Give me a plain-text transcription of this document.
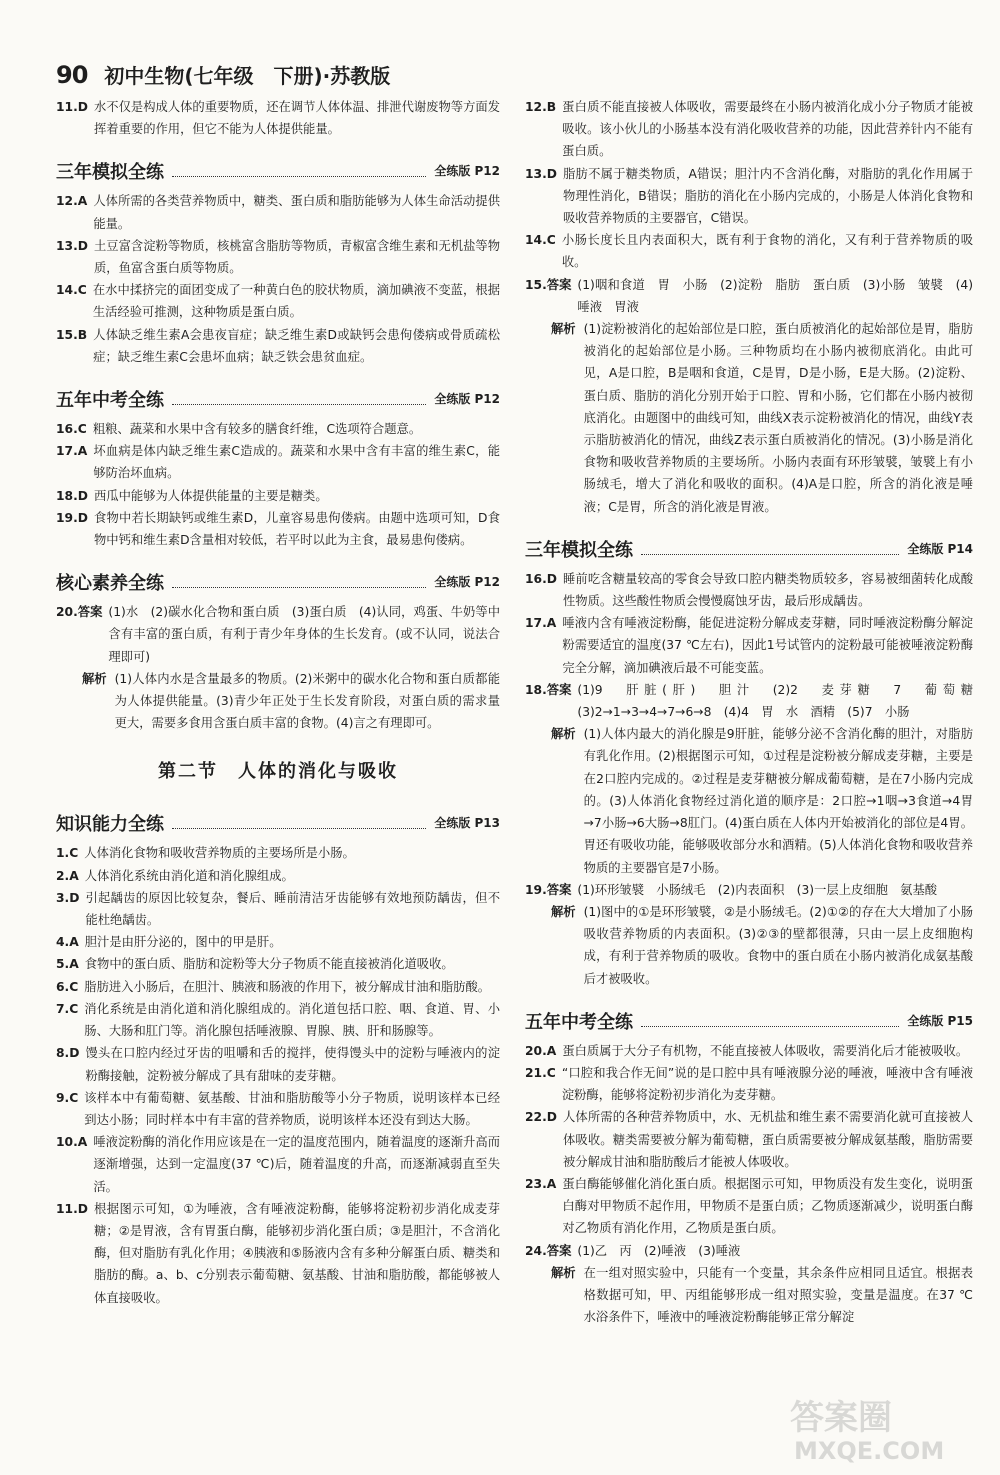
90 初中生物(七年级　下册)·苏教版
11.D 水不仅是构成人体的重要物质，还在调节人体体温、排泄代谢废物等方面发挥着重要的作用，但它不能为人体提供能量。
三年模拟全练	全练版 P12
12.A 人体所需的各类营养物质中，糖类、蛋白质和脂肪能够为人体生命活动提供能量。
13.D 土豆富含淀粉等物质，核桃富含脂肪等物质，青椒富含维生素和无机盐等物质，鱼富含蛋白质等物质。
14.C 在水中揉挤完的面团变成了一种黄白色的胶状物质，滴加碘液不变蓝，根据生活经验可推测，这种物质是蛋白质。
15.B 人体缺乏维生素A会患夜盲症；缺乏维生素D或缺钙会患佝偻病或骨质疏松症；缺乏维生素C会患坏血病；缺乏铁会患贫血症。
五年中考全练	全练版 P12
16.C 粗粮、蔬菜和水果中含有较多的膳食纤维，C选项符合题意。
17.A 坏血病是体内缺乏维生素C造成的。蔬菜和水果中含有丰富的维生素C，能够防治坏血病。
18.D 西瓜中能够为人体提供能量的主要是糖类。
19.D 食物中若长期缺钙或维生素D，儿童容易患佝偻病。由题中选项可知，D食物中钙和维生素D含量相对较低，若平时以此为主食，最易患佝偻病。
核心素养全练	全练版 P12
20.答案 (1)水　(2)碳水化合物和蛋白质　(3)蛋白质　(4)认同，鸡蛋、牛奶等中含有丰富的蛋白质，有利于青少年身体的生长发育。(或不认同，说法合理即可)
解析 (1)人体内水是含量最多的物质。(2)米粥中的碳水化合物和蛋白质都能为人体提供能量。(3)青少年正处于生长发育阶段，对蛋白质的需求量更大，需要多食用含蛋白质丰富的食物。(4)言之有理即可。
第二节　人体的消化与吸收
知识能力全练	全练版 P13
1.C 人体消化食物和吸收营养物质的主要场所是小肠。
2.A 人体消化系统由消化道和消化腺组成。
3.D 引起龋齿的原因比较复杂，餐后、睡前清洁牙齿能够有效地预防龋齿，但不能杜绝龋齿。
4.A 胆汁是由肝分泌的，图中的甲是肝。
5.A 食物中的蛋白质、脂肪和淀粉等大分子物质不能直接被消化道吸收。
6.C 脂肪进入小肠后，在胆汁、胰液和肠液的作用下，被分解成甘油和脂肪酸。
7.C 消化系统是由消化道和消化腺组成的。消化道包括口腔、咽、食道、胃、小肠、大肠和肛门等。消化腺包括唾液腺、胃腺、胰、肝和肠腺等。
8.D 馒头在口腔内经过牙齿的咀嚼和舌的搅拌，使得馒头中的淀粉与唾液内的淀粉酶接触，淀粉被分解成了具有甜味的麦芽糖。
9.C 该样本中有葡萄糖、氨基酸、甘油和脂肪酸等小分子物质，说明该样本已经到达小肠；同时样本中有丰富的营养物质，说明该样本还没有到达大肠。
10.A 唾液淀粉酶的消化作用应该是在一定的温度范围内，随着温度的逐渐升高而逐渐增强，达到一定温度(37 ℃)后，随着温度的升高，而逐渐减弱直至失活。
11.D 根据图示可知，①为唾液，含有唾液淀粉酶，能够将淀粉初步消化成麦芽糖；②是胃液，含有胃蛋白酶，能够初步消化蛋白质；③是胆汁，不含消化酶，但对脂肪有乳化作用；④胰液和⑤肠液内含有多种分解蛋白质、糖类和脂肪的酶。a、b、c分别表示葡萄糖、氨基酸、甘油和脂肪酸，都能够被人体直接吸收。
12.B 蛋白质不能直接被人体吸收，需要最终在小肠内被消化成小分子物质才能被吸收。该小伙儿的小肠基本没有消化吸收营养的功能，因此营养针内不能有蛋白质。
13.D 脂肪不属于糖类物质，A错误；胆汁内不含消化酶，对脂肪的乳化作用属于物理性消化，B错误；脂肪的消化在小肠内完成的，小肠是人体消化食物和吸收营养物质的主要器官，C错误。
14.C 小肠长度长且内表面积大，既有利于食物的消化，又有利于营养物质的吸收。
15.答案 (1)咽和食道　胃　小肠　(2)淀粉　脂肪　蛋白质　(3)小肠　皱襞　(4)唾液　胃液
解析 (1)淀粉被消化的起始部位是口腔，蛋白质被消化的起始部位是胃，脂肪被消化的起始部位是小肠。三种物质均在小肠内被彻底消化。由此可见，A是口腔，B是咽和食道，C是胃，D是小肠，E是大肠。(2)淀粉、蛋白质、脂肪的消化分别开始于口腔、胃和小肠，它们都在小肠内被彻底消化。由题图中的曲线可知，曲线X表示淀粉被消化的情况，曲线Y表示脂肪被消化的情况，曲线Z表示蛋白质被消化的情况。(3)小肠是消化食物和吸收营养物质的主要场所。小肠内表面有环形皱襞，皱襞上有小肠绒毛，增大了消化和吸收的面积。(4)A是口腔，所含的消化液是唾液；C是胃，所含的消化液是胃液。
三年模拟全练	全练版 P14
16.D 睡前吃含糖量较高的零食会导致口腔内糖类物质较多，容易被细菌转化成酸性物质。这些酸性物质会慢慢腐蚀牙齿，最后形成龋齿。
17.A 唾液内含有唾液淀粉酶，能促进淀粉分解成麦芽糖，同时唾液淀粉酶分解淀粉需要适宜的温度(37 ℃左右)，因此1号试管内的淀粉最可能被唾液淀粉酶完全分解，滴加碘液后最不可能变蓝。
18.答案 (1)9　肝脏(肝)　胆汁　(2)2　麦芽糖　7　葡萄糖　(3)2→1→3→4→7→6→8　(4)4　胃　水　酒精　(5)7　小肠
解析 (1)人体内最大的消化腺是9肝脏，能够分泌不含消化酶的胆汁，对脂肪有乳化作用。(2)根据图示可知，①过程是淀粉被分解成麦芽糖，主要是在2口腔内完成的。②过程是麦芽糖被分解成葡萄糖，是在7小肠内完成的。(3)人体消化食物经过消化道的顺序是：2口腔→1咽→3食道→4胃→7小肠→6大肠→8肛门。(4)蛋白质在人体内开始被消化的部位是4胃。胃还有吸收功能，能够吸收部分水和酒精。(5)人体消化食物和吸收营养物质的主要器官是7小肠。
19.答案 (1)环形皱襞　小肠绒毛　(2)内表面积　(3)一层上皮细胞　氨基酸
解析 (1)图中的①是环形皱襞，②是小肠绒毛。(2)①②的存在大大增加了小肠吸收营养物质的内表面积。(3)②③的壁都很薄，只由一层上皮细胞构成，有利于营养物质的吸收。食物中的蛋白质在小肠内被消化成氨基酸后才被吸收。
五年中考全练	全练版 P15
20.A 蛋白质属于大分子有机物，不能直接被人体吸收，需要消化后才能被吸收。
21.C “口腔和我合作无间”说的是口腔中具有唾液腺分泌的唾液，唾液中含有唾液淀粉酶，能够将淀粉初步消化为麦芽糖。
22.D 人体所需的各种营养物质中，水、无机盐和维生素不需要消化就可直接被人体吸收。糖类需要被分解为葡萄糖，蛋白质需要被分解成氨基酸，脂肪需要被分解成甘油和脂肪酸后才能被人体吸收。
23.A 蛋白酶能够催化消化蛋白质。根据图示可知，甲物质没有发生变化，说明蛋白酶对甲物质不起作用，甲物质不是蛋白质；乙物质逐渐减少，说明蛋白酶对乙物质有消化作用，乙物质是蛋白质。
24.答案 (1)乙　丙　(2)唾液　(3)唾液
解析 在一组对照实验中，只能有一个变量，其余条件应相同且适宜。根据表格数据可知，甲、丙组能够形成一组对照实验，变量是温度。在37 ℃水浴条件下，唾液中的唾液淀粉酶能够正常分解淀
答案圈
MXQE.COM
